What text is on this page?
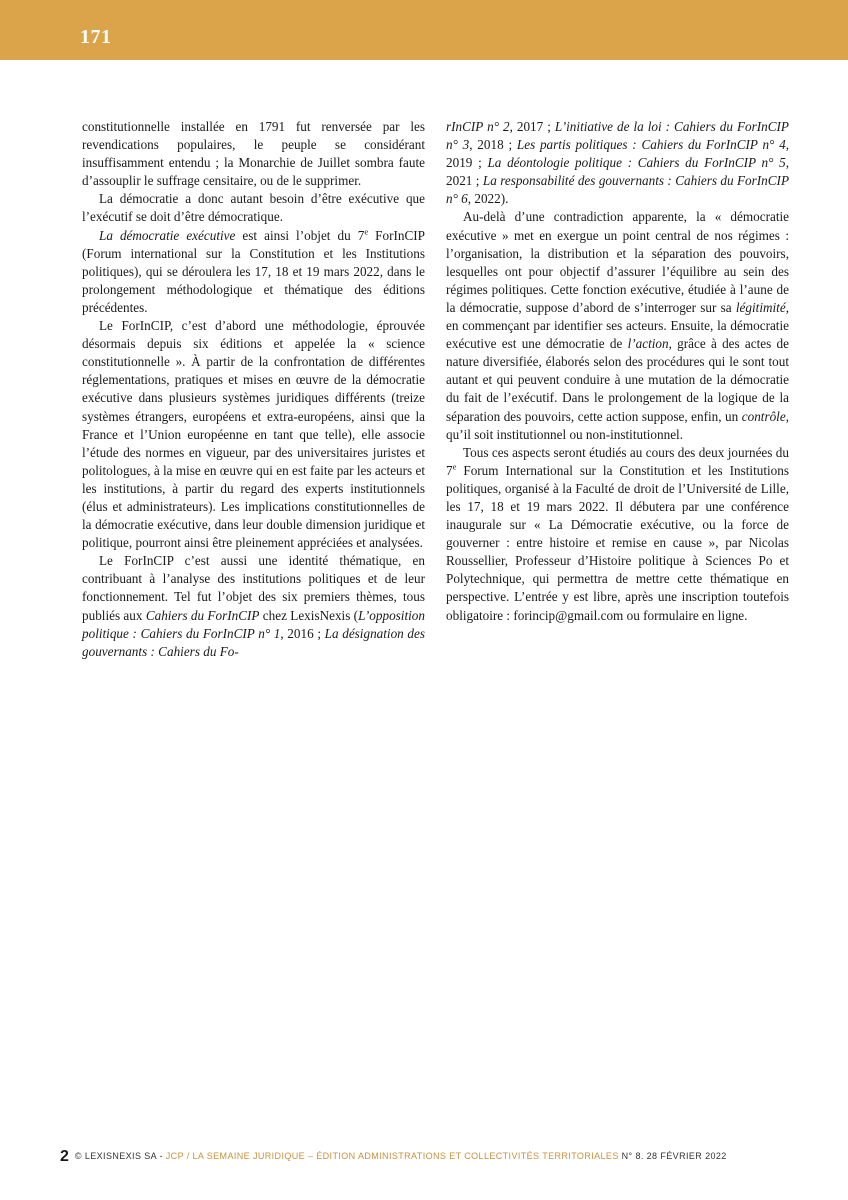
171

constitutionnelle installée en 1791 fut renversée par les revendications populaires, le peuple se considérant insuffisamment entendu ; la Monarchie de Juillet sombra faute d’assouplir le suffrage censitaire, ou de le supprimer.

La démocratie a donc autant besoin d’être exécutive que l’exécutif se doit d’être démocratique.

La démocratie exécutive est ainsi l’objet du 7e ForInCIP (Forum international sur la Constitution et les Institutions politiques), qui se déroulera les 17, 18 et 19 mars 2022, dans le prolongement méthodologique et thématique des éditions précédentes.

Le ForInCIP, c’est d’abord une méthodologie, éprouvée désormais depuis six éditions et appelée la « science constitutionnelle ». À partir de la confrontation de différentes réglementations, pratiques et mises en œuvre de la démocratie exécutive dans plusieurs systèmes juridiques différents (treize systèmes étrangers, européens et extra-européens, ainsi que la France et l’Union européenne en tant que telle), elle associe l’étude des normes en vigueur, par des universitaires juristes et politologues, à la mise en œuvre qui en est faite par les acteurs et les institutions, à partir du regard des experts institutionnels (élus et administrateurs). Les implications constitutionnelles de la démocratie exécutive, dans leur double dimension juridique et politique, pourront ainsi être pleinement appréciées et analysées.

Le ForInCIP c’est aussi une identité thématique, en contribuant à l’analyse des institutions politiques et de leur fonctionnement. Tel fut l’objet des six premiers thèmes, tous publiés aux Cahiers du ForInCIP chez LexisNexis (L’opposition politique : Cahiers du ForInCIP n° 1, 2016 ; La désignation des gouvernants : Cahiers du Fo-

rInCIP n° 2, 2017 ; L’initiative de la loi : Cahiers du ForInCIP n° 3, 2018 ; Les partis politiques : Cahiers du ForInCIP n° 4, 2019 ; La déontologie politique : Cahiers du ForInCIP n° 5, 2021 ; La responsabilité des gouvernants : Cahiers du ForInCIP n° 6, 2022).

Au-delà d’une contradiction apparente, la « démocratie exécutive » met en exergue un point central de nos régimes : l’organisation, la distribution et la séparation des pouvoirs, lesquelles ont pour objectif d’assurer l’équilibre au sein des régimes politiques. Cette fonction exécutive, étudiée à l’aune de la démocratie, suppose d’abord de s’interroger sur sa légitimité, en commençant par identifier ses acteurs. Ensuite, la démocratie exécutive est une démocratie de l’action, grâce à des actes de nature diversifiée, élaborés selon des procédures qui le sont tout autant et qui peuvent conduire à une mutation de la démocratie du fait de l’exécutif. Dans le prolongement de la logique de la séparation des pouvoirs, cette action suppose, enfin, un contrôle, qu’il soit institutionnel ou non-institutionnel.

Tous ces aspects seront étudiés au cours des deux journées du 7e Forum International sur la Constitution et les Institutions politiques, organisé à la Faculté de droit de l’Université de Lille, les 17, 18 et 19 mars 2022. Il débutera par une conférence inaugurale sur « La Démocratie exécutive, ou la force de gouverner : entre histoire et remise en cause », par Nicolas Roussellier, Professeur d’Histoire politique à Sciences Po et Polytechnique, qui permettra de mettre cette thématique en perspective. L’entrée y est libre, après une inscription toutefois obligatoire : forincip@gmail.com ou formulaire en ligne.

2 © LEXISNEXIS SA - JCP / LA SEMAINE JURIDIQUE – ÉDITION ADMINISTRATIONS ET COLLECTIVITÉS TERRITORIALES N° 8. 28 FÉVRIER 2022
